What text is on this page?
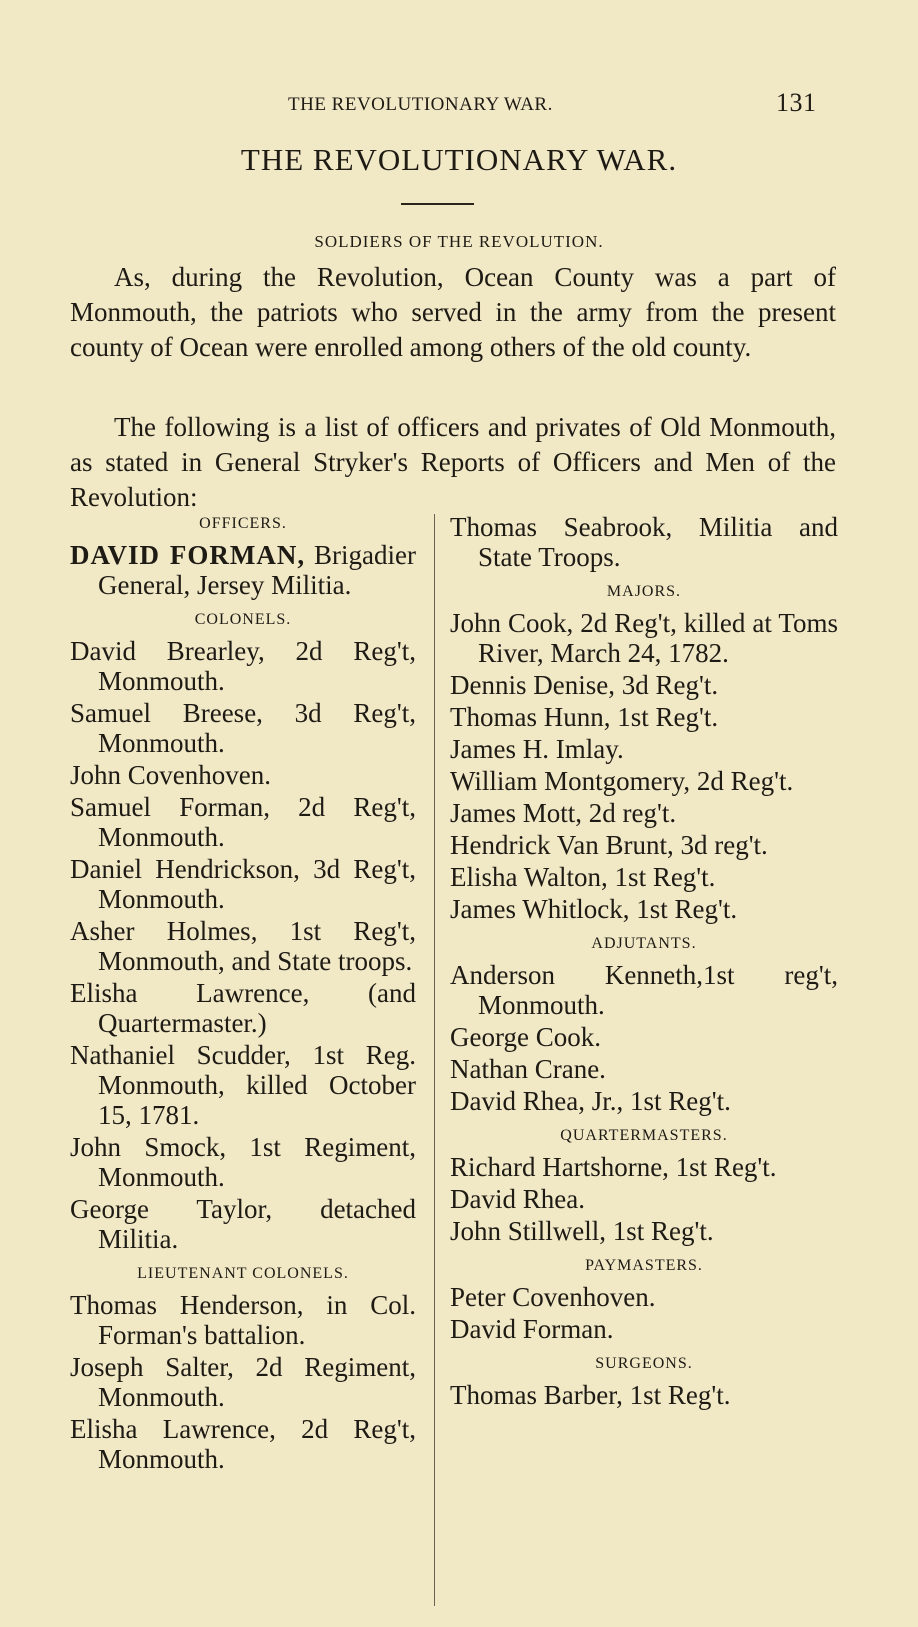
THE REVOLUTIONARY WAR.	131
THE REVOLUTIONARY WAR.
SOLDIERS OF THE REVOLUTION.

As, during the Revolution, Ocean County was a part of Monmouth, the patriots who served in the army from the present county of Ocean were enrolled among others of the old county.

The following is a list of officers and privates of Old Monmouth, as stated in General Stryker's Reports of Officers and Men of the Revolution:

OFFICERS.
DAVID FORMAN, Brigadier General, Jersey Militia.
COLONELS.
David Brearley, 2d Reg't, Monmouth.
Samuel Breese, 3d Reg't, Monmouth.
John Covenhoven.
Samuel Forman, 2d Reg't, Monmouth.
Daniel Hendrickson, 3d Reg't, Monmouth.
Asher Holmes, 1st Reg't, Monmouth, and State troops.
Elisha Lawrence, (and Quartermaster.)
Nathaniel Scudder, 1st Reg. Monmouth, killed October 15, 1781.
John Smock, 1st Regiment, Monmouth.
George Taylor, detached Militia.
LIEUTENANT COLONELS.
Thomas Henderson, in Col. Forman's battalion.
Joseph Salter, 2d Regiment, Monmouth.
Elisha Lawrence, 2d Reg't, Monmouth.
Thomas Seabrook, Militia and State Troops.
MAJORS.
John Cook, 2d Reg't, killed at Toms River, March 24, 1782.
Dennis Denise, 3d Reg't.
Thomas Hunn, 1st Reg't.
James H. Imlay.
William Montgomery, 2d Reg't.
James Mott, 2d reg't.
Hendrick Van Brunt, 3d reg't.
Elisha Walton, 1st Reg't.
James Whitlock, 1st Reg't.
ADJUTANTS.
Anderson Kenneth,1st reg't, Monmouth.
George Cook.
Nathan Crane.
David Rhea, Jr., 1st Reg't.
QUARTERMASTERS.
Richard Hartshorne, 1st Reg't.
David Rhea.
John Stillwell, 1st Reg't.
PAYMASTERS.
Peter Covenhoven.
David Forman.
SURGEONS.
Thomas Barber, 1st Reg't.
